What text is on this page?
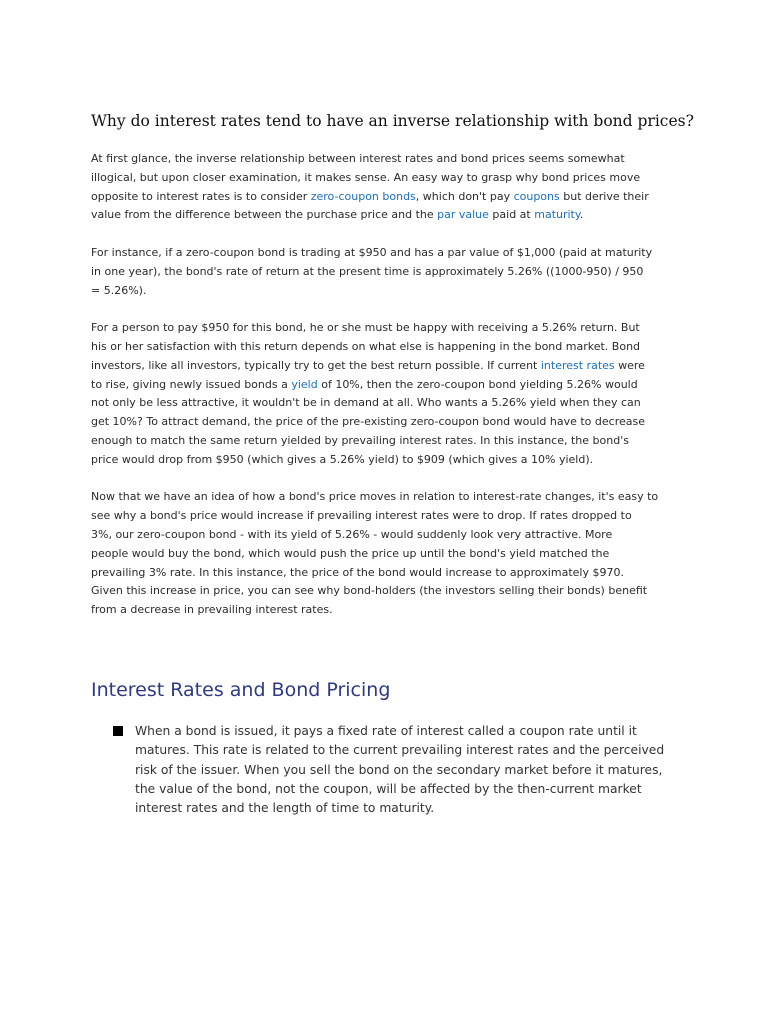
Why do interest rates tend to have an inverse relationship with bond prices?

At first glance, the inverse relationship between interest rates and bond prices seems somewhat
illogical, but upon closer examination, it makes sense. An easy way to grasp why bond prices move
opposite to interest rates is to consider zero-coupon bonds, which don't pay coupons but derive their
value from the difference between the purchase price and the par value paid at maturity.

For instance, if a zero-coupon bond is trading at $950 and has a par value of $1,000 (paid at maturity
in one year), the bond's rate of return at the present time is approximately 5.26% ((1000-950) / 950
= 5.26%).

For a person to pay $950 for this bond, he or she must be happy with receiving a 5.26% return. But
his or her satisfaction with this return depends on what else is happening in the bond market. Bond
investors, like all investors, typically try to get the best return possible. If current interest rates were
to rise, giving newly issued bonds a yield of 10%, then the zero-coupon bond yielding 5.26% would
not only be less attractive, it wouldn't be in demand at all. Who wants a 5.26% yield when they can
get 10%? To attract demand, the price of the pre-existing zero-coupon bond would have to decrease
enough to match the same return yielded by prevailing interest rates. In this instance, the bond's
price would drop from $950 (which gives a 5.26% yield) to $909 (which gives a 10% yield).

Now that we have an idea of how a bond's price moves in relation to interest-rate changes, it's easy to
see why a bond's price would increase if prevailing interest rates were to drop. If rates dropped to
3%, our zero-coupon bond - with its yield of 5.26% - would suddenly look very attractive. More
people would buy the bond, which would push the price up until the bond's yield matched the
prevailing 3% rate. In this instance, the price of the bond would increase to approximately $970.
Given this increase in price, you can see why bond-holders (the investors selling their bonds) benefit
from a decrease in prevailing interest rates.

Interest Rates and Bond Pricing
When a bond is issued, it pays a fixed rate of interest called a coupon rate until it
matures. This rate is related to the current prevailing interest rates and the perceived
risk of the issuer. When you sell the bond on the secondary market before it matures,
the value of the bond, not the coupon, will be affected by the then-current market
interest rates and the length of time to maturity.
